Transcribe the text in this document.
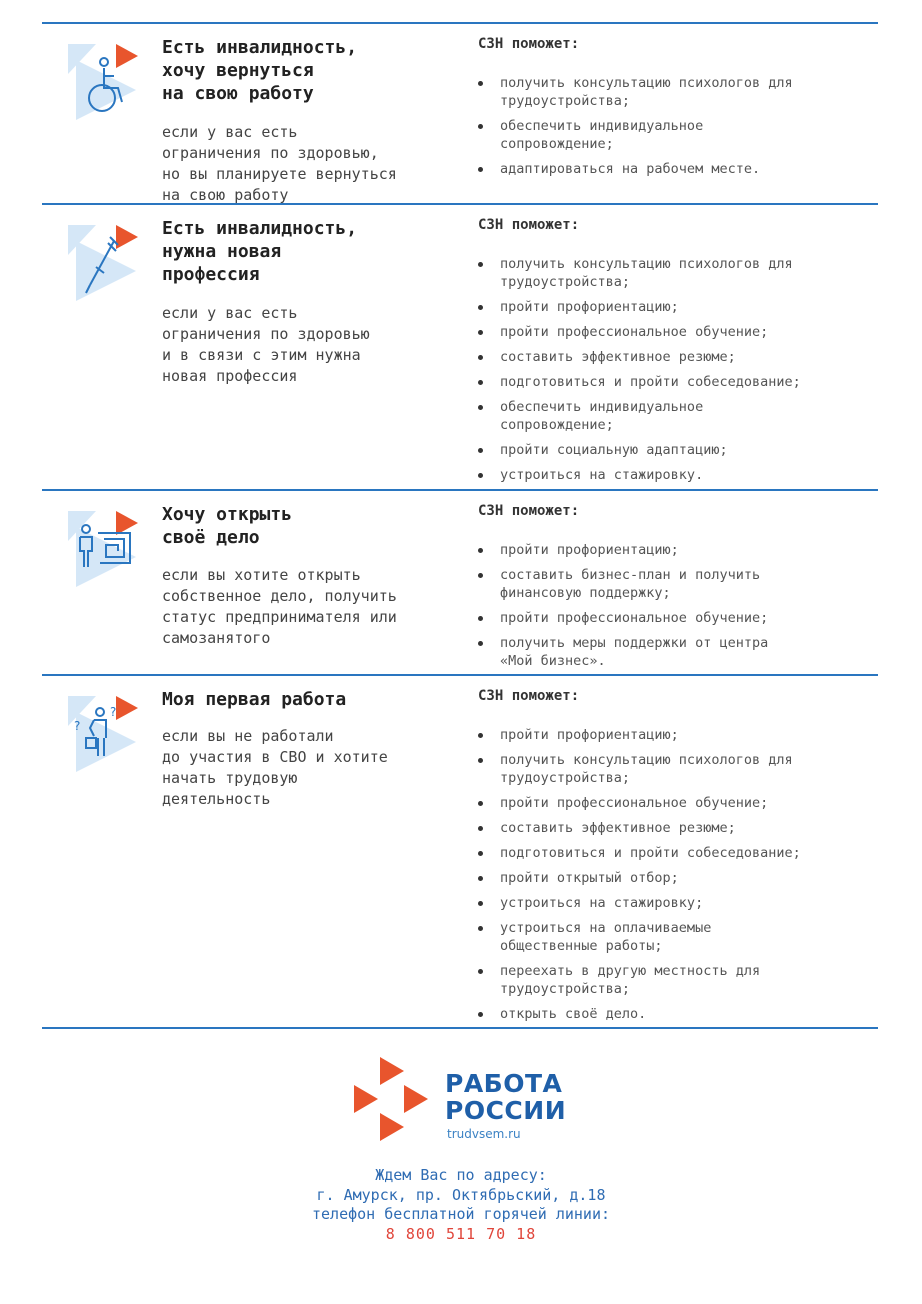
Есть инвалидность,
хочу вернуться
на свою работу
если у вас есть
ограничения по здоровью,
но вы планируете вернуться
на свою работу
СЗН поможет:
получить консультацию психологов для
трудоустройства;
обеспечить индивидуальное
сопровождение;
адаптироваться на рабочем месте.
Есть инвалидность,
нужна новая
профессия
если у вас есть
ограничения по здоровью
и в связи с этим нужна
новая профессия
СЗН поможет:
получить консультацию психологов для
трудоустройства;
пройти профориентацию;
пройти профессиональное обучение;
составить эффективное резюме;
подготовиться и пройти собеседование;
обеспечить индивидуальное
сопровождение;
пройти социальную адаптацию;
устроиться на стажировку.
Хочу открыть
своё дело
если вы хотите открыть
собственное дело, получить
статус предпринимателя или
самозанятого
СЗН поможет:
пройти профориентацию;
составить бизнес-план и получить
финансовую поддержку;
пройти профессиональное обучение;
получить меры поддержки от центра
«Мой бизнес».
?
?
Моя первая работа
если вы не работали
до участия в СВО и хотите
начать трудовую
деятельность
СЗН поможет:
пройти профориентацию;
получить консультацию психологов для
трудоустройства;
пройти профессиональное обучение;
составить эффективное резюме;
подготовиться и пройти собеседование;
пройти открытый отбор;
устроиться на стажировку;
устроиться на оплачиваемые
общественные работы;
переехать в другую местность для
трудоустройства;
открыть своё дело.
РАБОТА
РОССИИ
trudvsem.ru
Ждем Вас по адресу:
г. Амурск, пр. Октябрьский, д.18
телефон бесплатной горячей линии:
8 800 511 70 18
